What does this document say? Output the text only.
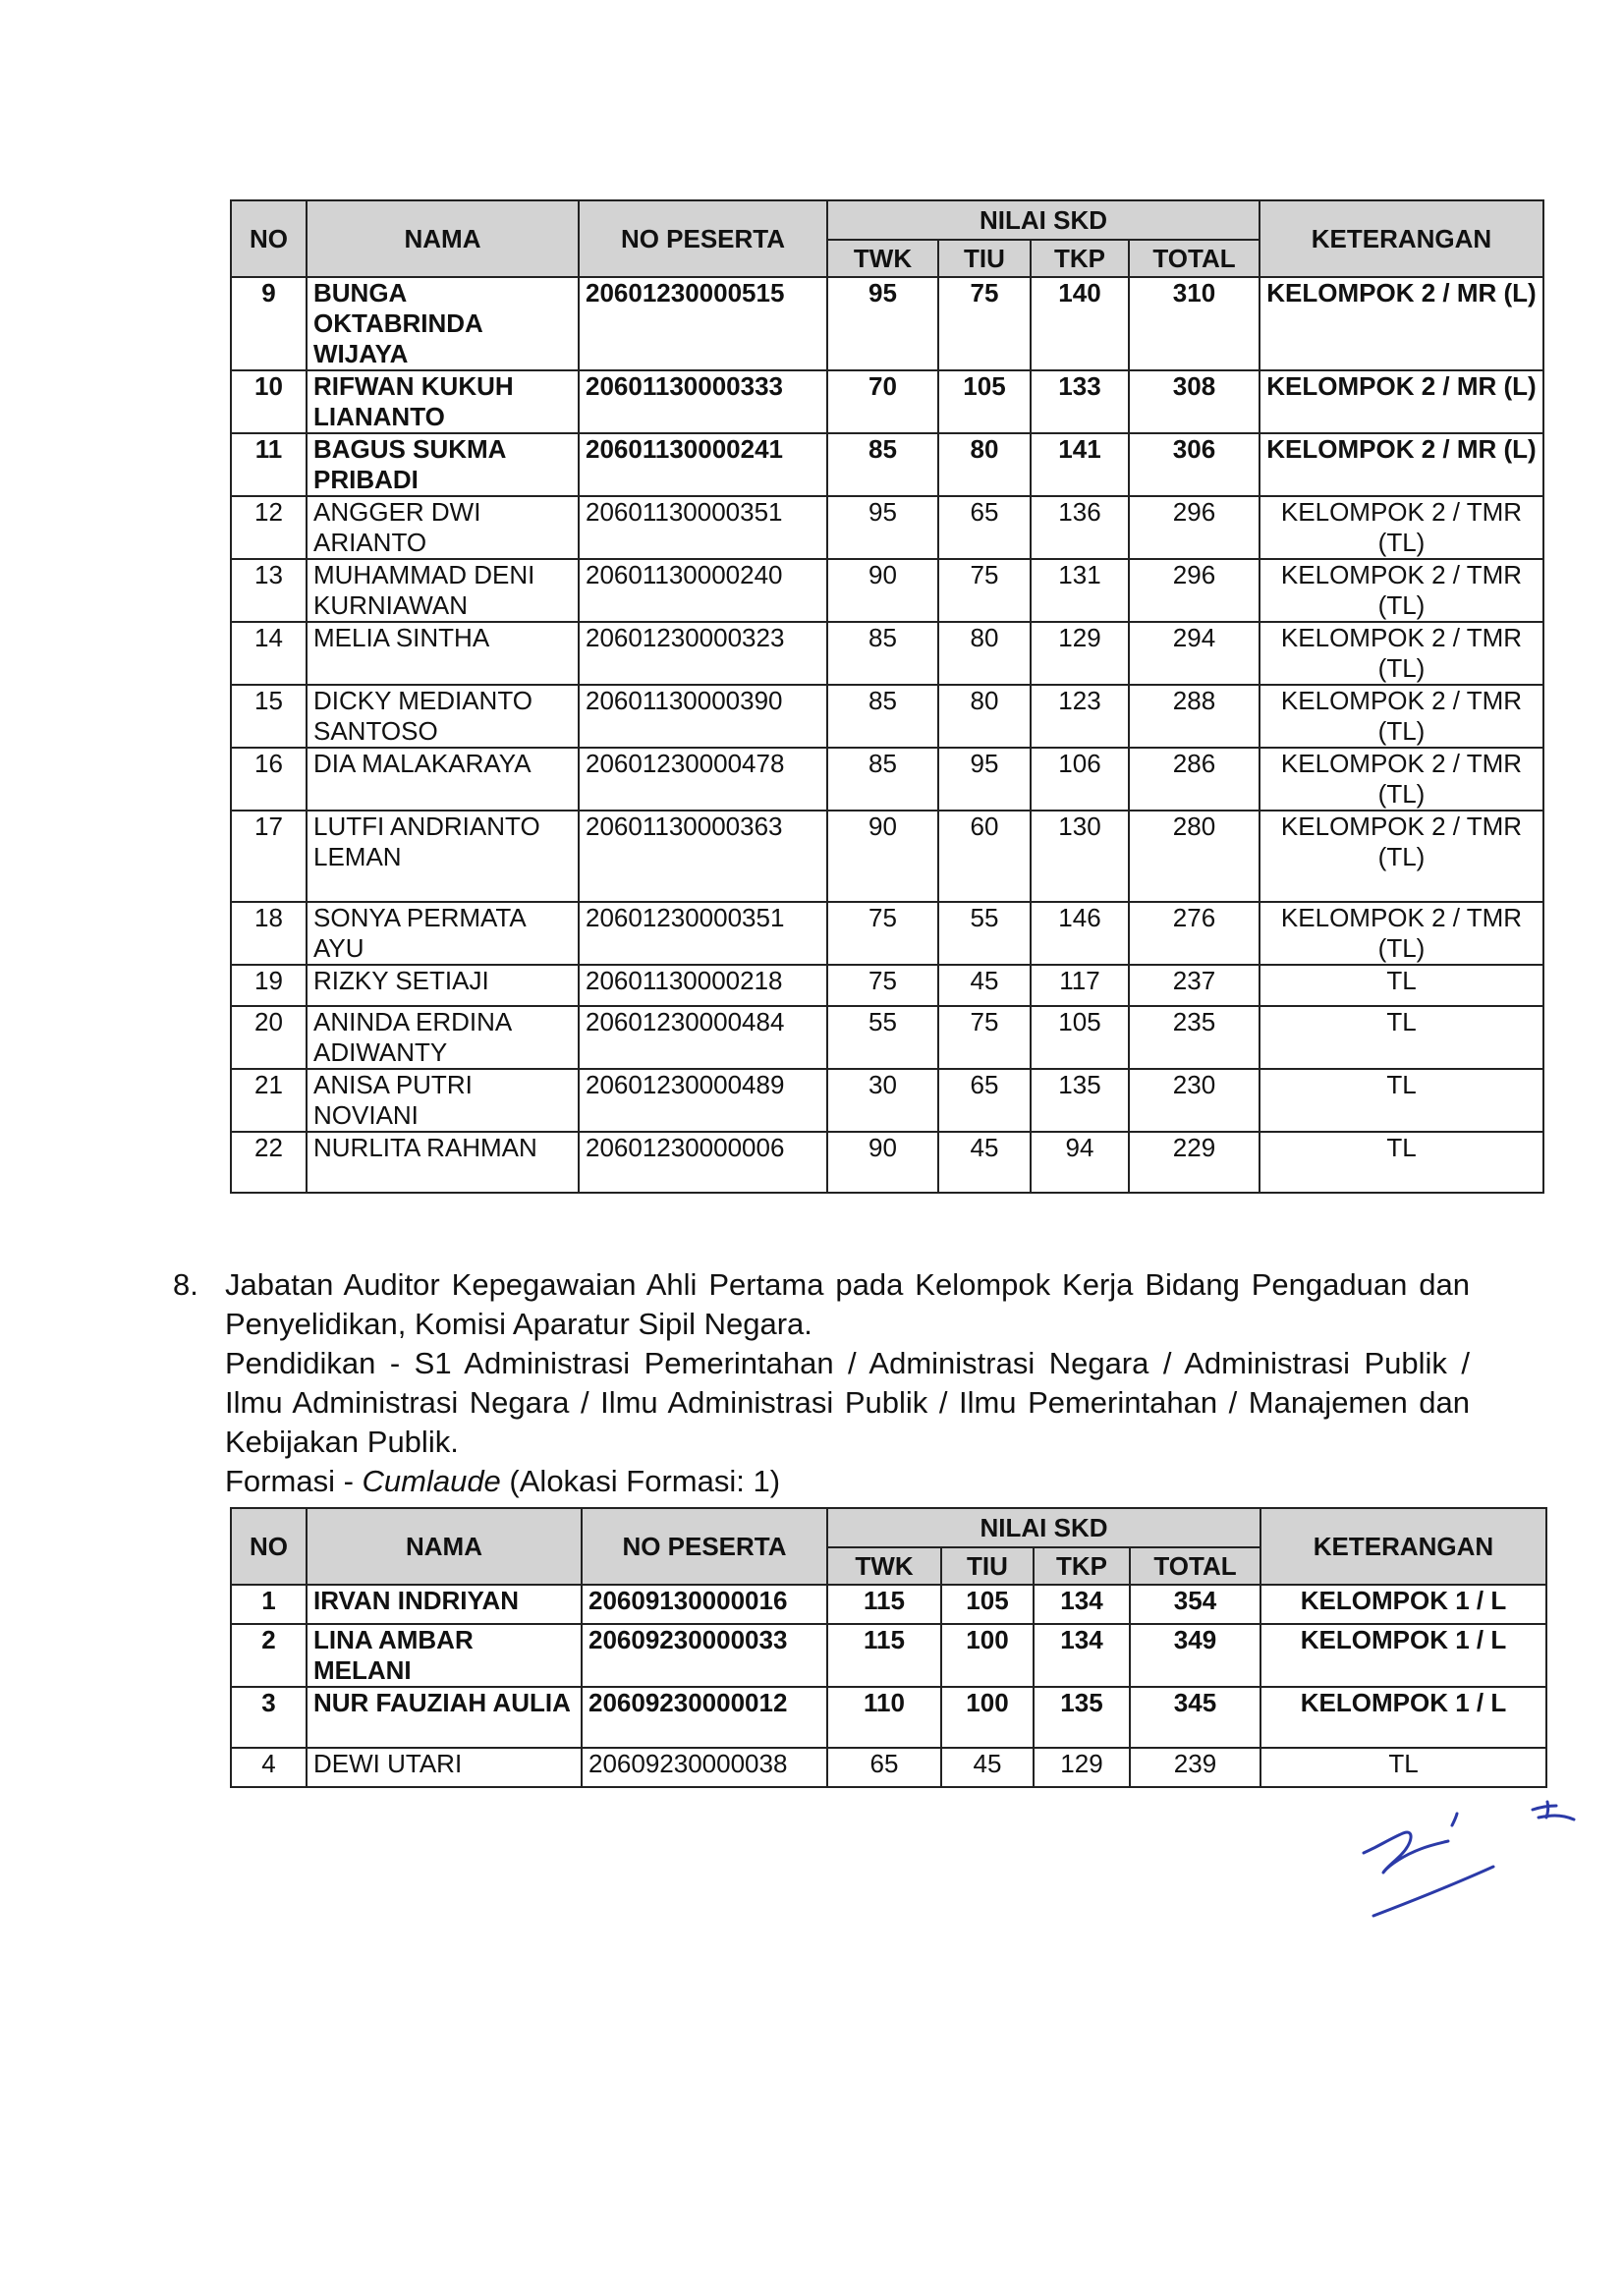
NO	NAMA	NO PESERTA	NILAI SKD				KETERANGAN
			TWK	TIU	TKP	TOTAL	
9	BUNGA OKTABRINDA WIJAYA	20601230000515	95	75	140	310	KELOMPOK 2 / MR (L)
10	RIFWAN KUKUH LIANANTO	20601130000333	70	105	133	308	KELOMPOK 2 / MR (L)
11	BAGUS SUKMA PRIBADI	20601130000241	85	80	141	306	KELOMPOK 2 / MR (L)
12	ANGGER DWI ARIANTO	20601130000351	95	65	136	296	KELOMPOK 2 / TMR (TL)
13	MUHAMMAD DENI KURNIAWAN	20601130000240	90	75	131	296	KELOMPOK 2 / TMR (TL)
14	MELIA SINTHA	20601230000323	85	80	129	294	KELOMPOK 2 / TMR (TL)
15	DICKY MEDIANTO SANTOSO	20601130000390	85	80	123	288	KELOMPOK 2 / TMR (TL)
16	DIA MALAKARAYA	20601230000478	85	95	106	286	KELOMPOK 2 / TMR (TL)
17	LUTFI ANDRIANTO LEMAN	20601130000363	90	60	130	280	KELOMPOK 2 / TMR (TL)
18	SONYA PERMATA AYU	20601230000351	75	55	146	276	KELOMPOK 2 / TMR (TL)
19	RIZKY SETIAJI	20601130000218	75	45	117	237	TL
20	ANINDA ERDINA ADIWANTY	20601230000484	55	75	105	235	TL
21	ANISA PUTRI NOVIANI	20601230000489	30	65	135	230	TL
22	NURLITA RAHMAN	20601230000006	90	45	94	229	TL
8. Jabatan Auditor Kepegawaian Ahli Pertama pada Kelompok Kerja Bidang Pengaduan dan Penyelidikan, Komisi Aparatur Sipil Negara.

Pendidikan - S1 Administrasi Pemerintahan / Administrasi Negara / Administrasi Publik / Ilmu Administrasi Negara / Ilmu Administrasi Publik / Ilmu Pemerintahan / Manajemen dan Kebijakan Publik.

Formasi - Cumlaude (Alokasi Formasi: 1)

NO	NAMA	NO PESERTA	NILAI SKD				KETERANGAN
			TWK	TIU	TKP	TOTAL	
1	IRVAN INDRIYAN	20609130000016	115	105	134	354	KELOMPOK 1 / L
2	LINA AMBAR MELANI	20609230000033	115	100	134	349	KELOMPOK 1 / L
3	NUR FAUZIAH AULIA	20609230000012	110	100	135	345	KELOMPOK 1 / L
4	DEWI UTARI	20609230000038	65	45	129	239	TL
